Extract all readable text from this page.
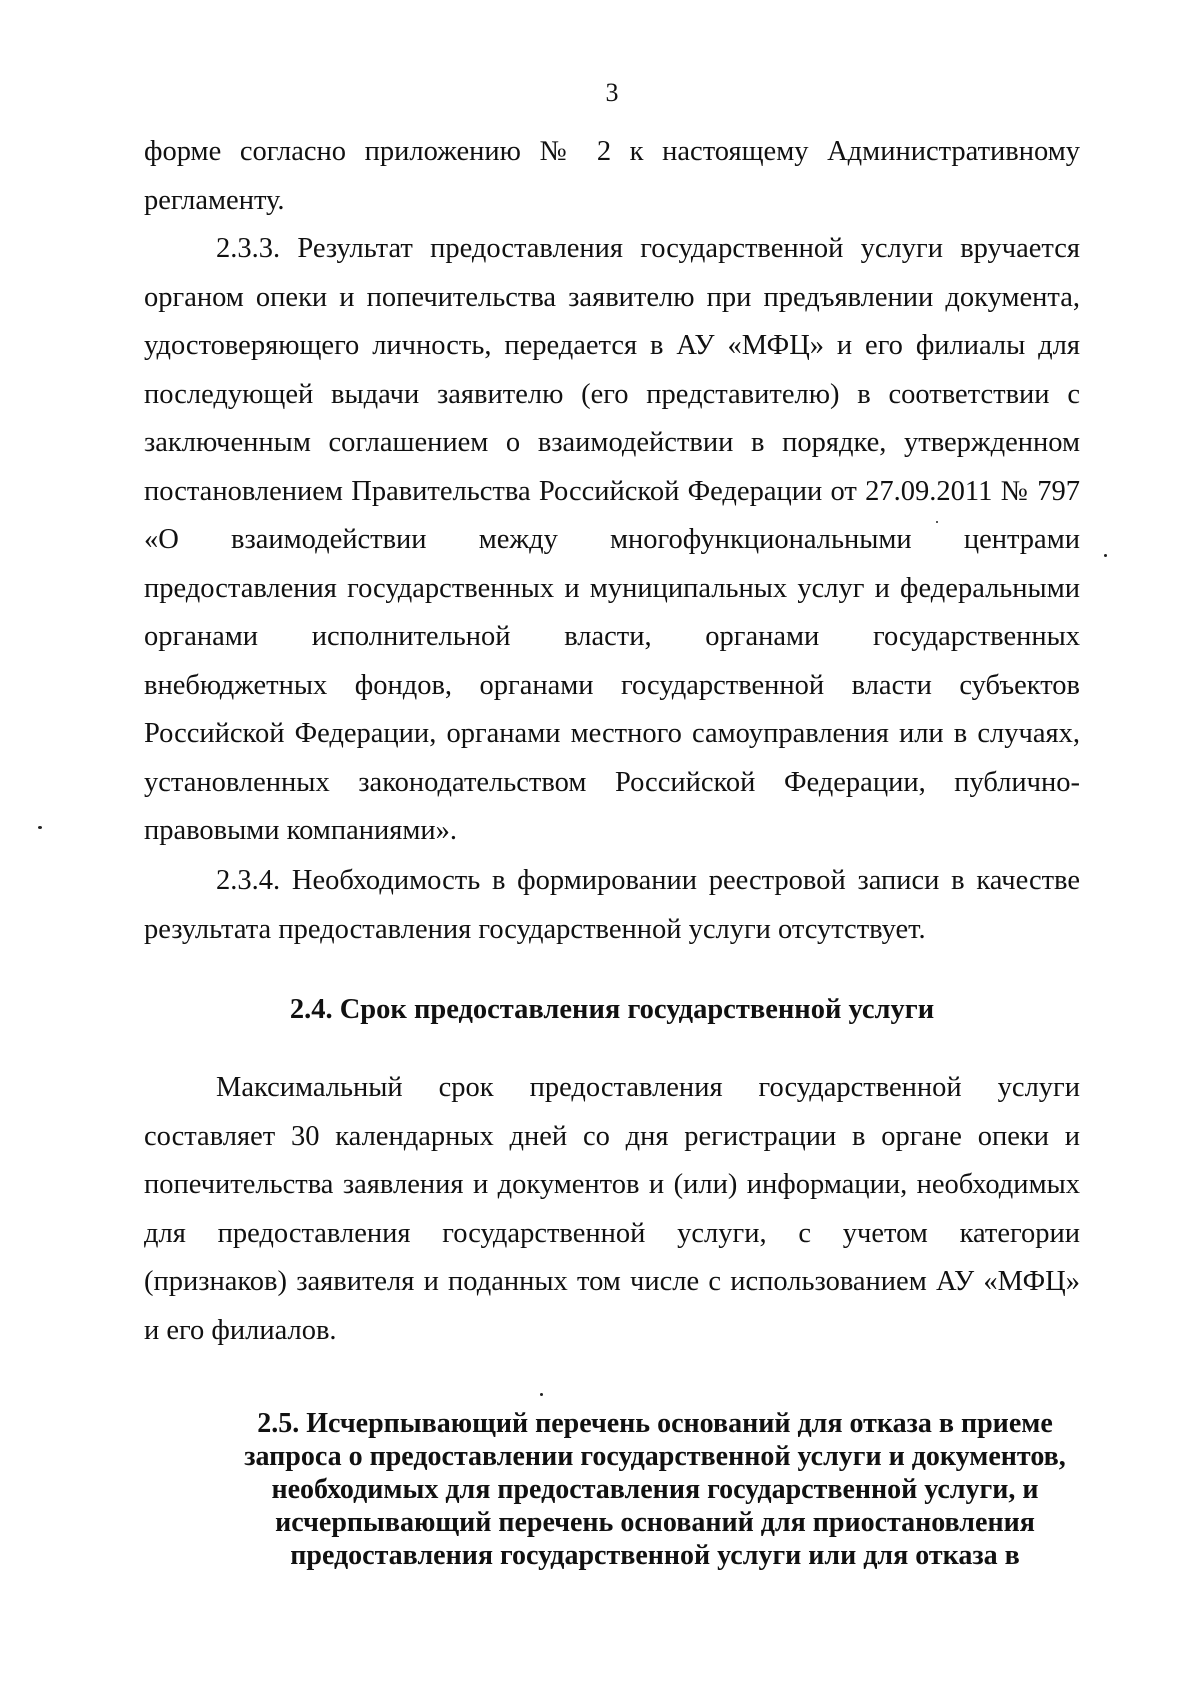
3

форме согласно приложению № 2 к настоящему Административному регламенту.

2.3.3. Результат предоставления государственной услуги вручается органом опеки и попечительства заявителю при предъявлении документа, удостоверяющего личность, передается в АУ «МФЦ» и его филиалы для последующей выдачи заявителю (его представителю) в соответствии с заключенным соглашением о взаимодействии в порядке, утвержденном постановлением Правительства Российской Федерации от 27.09.2011 № 797 «О взаимодействии между многофункциональными центрами предоставления государственных и муниципальных услуг и федеральными органами исполнительной власти, органами государственных внебюджетных фондов, органами государственной власти субъектов Российской Федерации, органами местного самоуправления или в случаях, установленных законодательством Российской Федерации, публично-правовыми компаниями».

2.3.4. Необходимость в формировании реестровой записи в качестве результата предоставления государственной услуги отсутствует.

2.4. Срок предоставления государственной услуги

Максимальный срок предоставления государственной услуги составляет 30 календарных дней со дня регистрации в органе опеки и попечительства заявления и документов и (или) информации, необходимых для предоставления государственной услуги, с учетом категории (признаков) заявителя и поданных том числе с использованием АУ «МФЦ» и его филиалов.

2.5. Исчерпывающий перечень оснований для отказа в приеме
запроса о предоставлении государственной услуги и документов,
необходимых для предоставления государственной услуги, и
исчерпывающий перечень оснований для приостановления
предоставления государственной услуги или для отказа в
